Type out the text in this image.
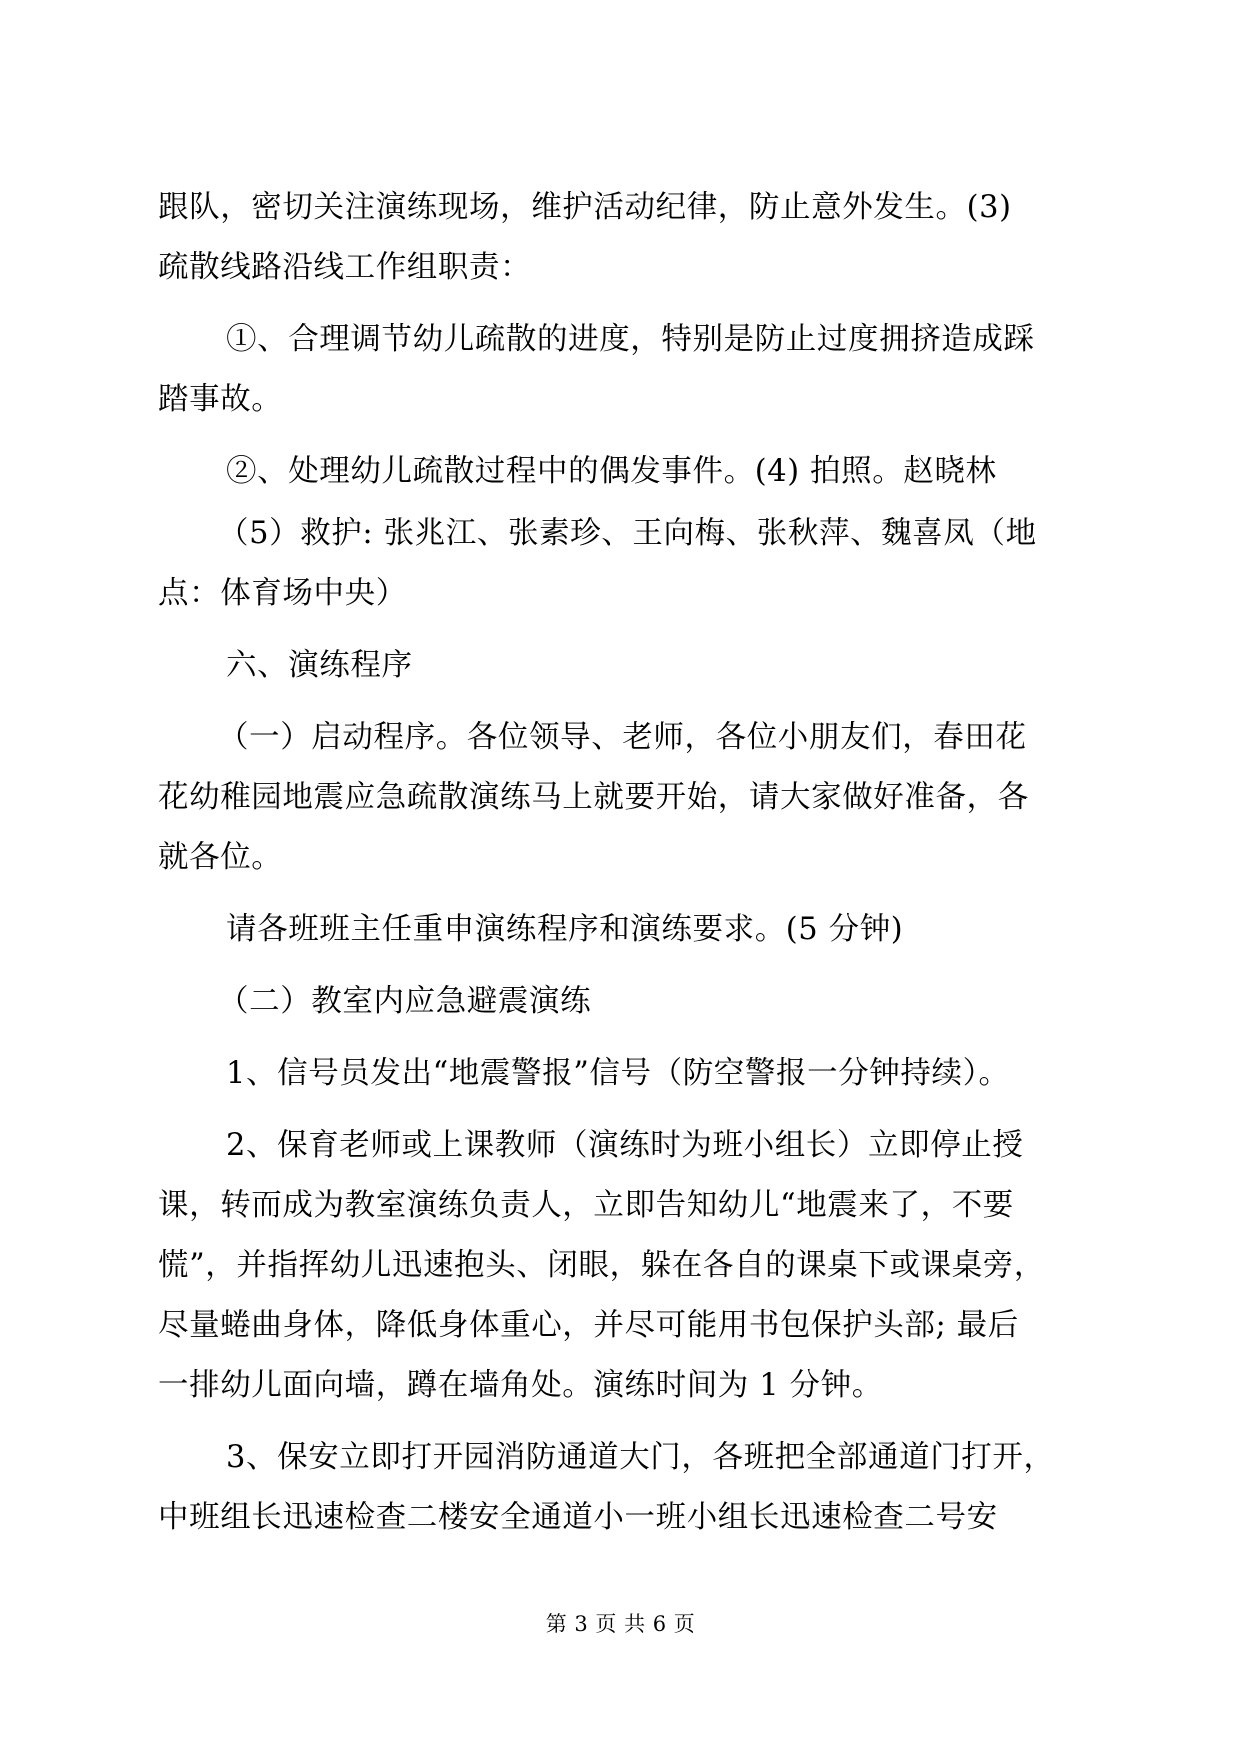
跟队，密切关注演练现场，维护活动纪律，防止意外发生。(3)
疏散线路沿线工作组职责：
①、合理调节幼儿疏散的进度，特别是防止过度拥挤造成踩
踏事故。
②、处理幼儿疏散过程中的偶发事件。(4) 拍照。赵晓林
（5）救护: 张兆江、张素珍、王向梅、张秋萍、魏喜凤（地
点：体育场中央）
六、演练程序
（一）启动程序。各位领导、老师，各位小朋友们，春田花
花幼稚园地震应急疏散演练马上就要开始，请大家做好准备，各
就各位。
请各班班主任重申演练程序和演练要求。(5 分钟)
（二）教室内应急避震演练
1、信号员发出“地震警报”信号（防空警报一分钟持续）。
2、保育老师或上课教师（演练时为班小组长）立即停止授
课，转而成为教室演练负责人，立即告知幼儿“地震来了，不要
慌”，并指挥幼儿迅速抱头、闭眼，躲在各自的课桌下或课桌旁，
尽量蜷曲身体，降低身体重心，并尽可能用书包保护头部; 最后
一排幼儿面向墙，蹲在墙角处。演练时间为 1 分钟。
3、保安立即打开园消防通道大门，各班把全部通道门打开，
中班组长迅速检查二楼安全通道小一班小组长迅速检查二号安
第 3 页 共 6 页
